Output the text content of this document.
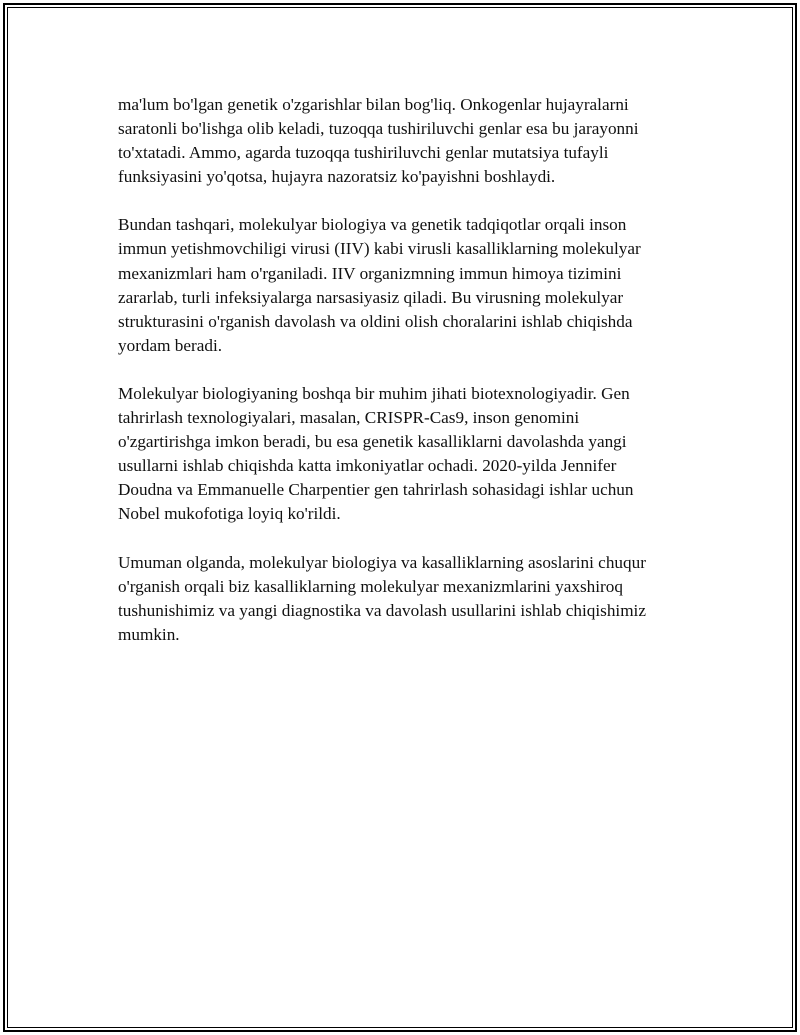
ma'lum bo'lgan genetik o'zgarishlar bilan bog'liq. Onkogenlar hujayralarni
saratonli bo'lishga olib keladi, tuzoqqa tushiriluvchi genlar esa bu jarayonni
to'xtatadi. Ammo, agarda tuzoqqa tushiriluvchi genlar mutatsiya tufayli
funksiyasini yo'qotsa, hujayra nazoratsiz ko'payishni boshlaydi.

Bundan tashqari, molekulyar biologiya va genetik tadqiqotlar orqali inson
immun yetishmovchiligi virusi (IIV) kabi virusli kasalliklarning molekulyar
mexanizmlari ham o'rganiladi. IIV organizmning immun himoya tizimini
zararlab, turli infeksiyalarga narsasiyasiz qiladi. Bu virusning molekulyar
strukturasini o'rganish davolash va oldini olish choralarini ishlab chiqishda
yordam beradi.

Molekulyar biologiyaning boshqa bir muhim jihati biotexnologiyadir. Gen
tahrirlash texnologiyalari, masalan, CRISPR-Cas9, inson genomini
o'zgartirishga imkon beradi, bu esa genetik kasalliklarni davolashda yangi
usullarni ishlab chiqishda katta imkoniyatlar ochadi. 2020-yilda Jennifer
Doudna va Emmanuelle Charpentier gen tahrirlash sohasidagi ishlar uchun
Nobel mukofotiga loyiq ko'rildi.

Umuman olganda, molekulyar biologiya va kasalliklarning asoslarini chuqur
o'rganish orqali biz kasalliklarning molekulyar mexanizmlarini yaxshiroq
tushunishimiz va yangi diagnostika va davolash usullarini ishlab chiqishimiz
mumkin.
